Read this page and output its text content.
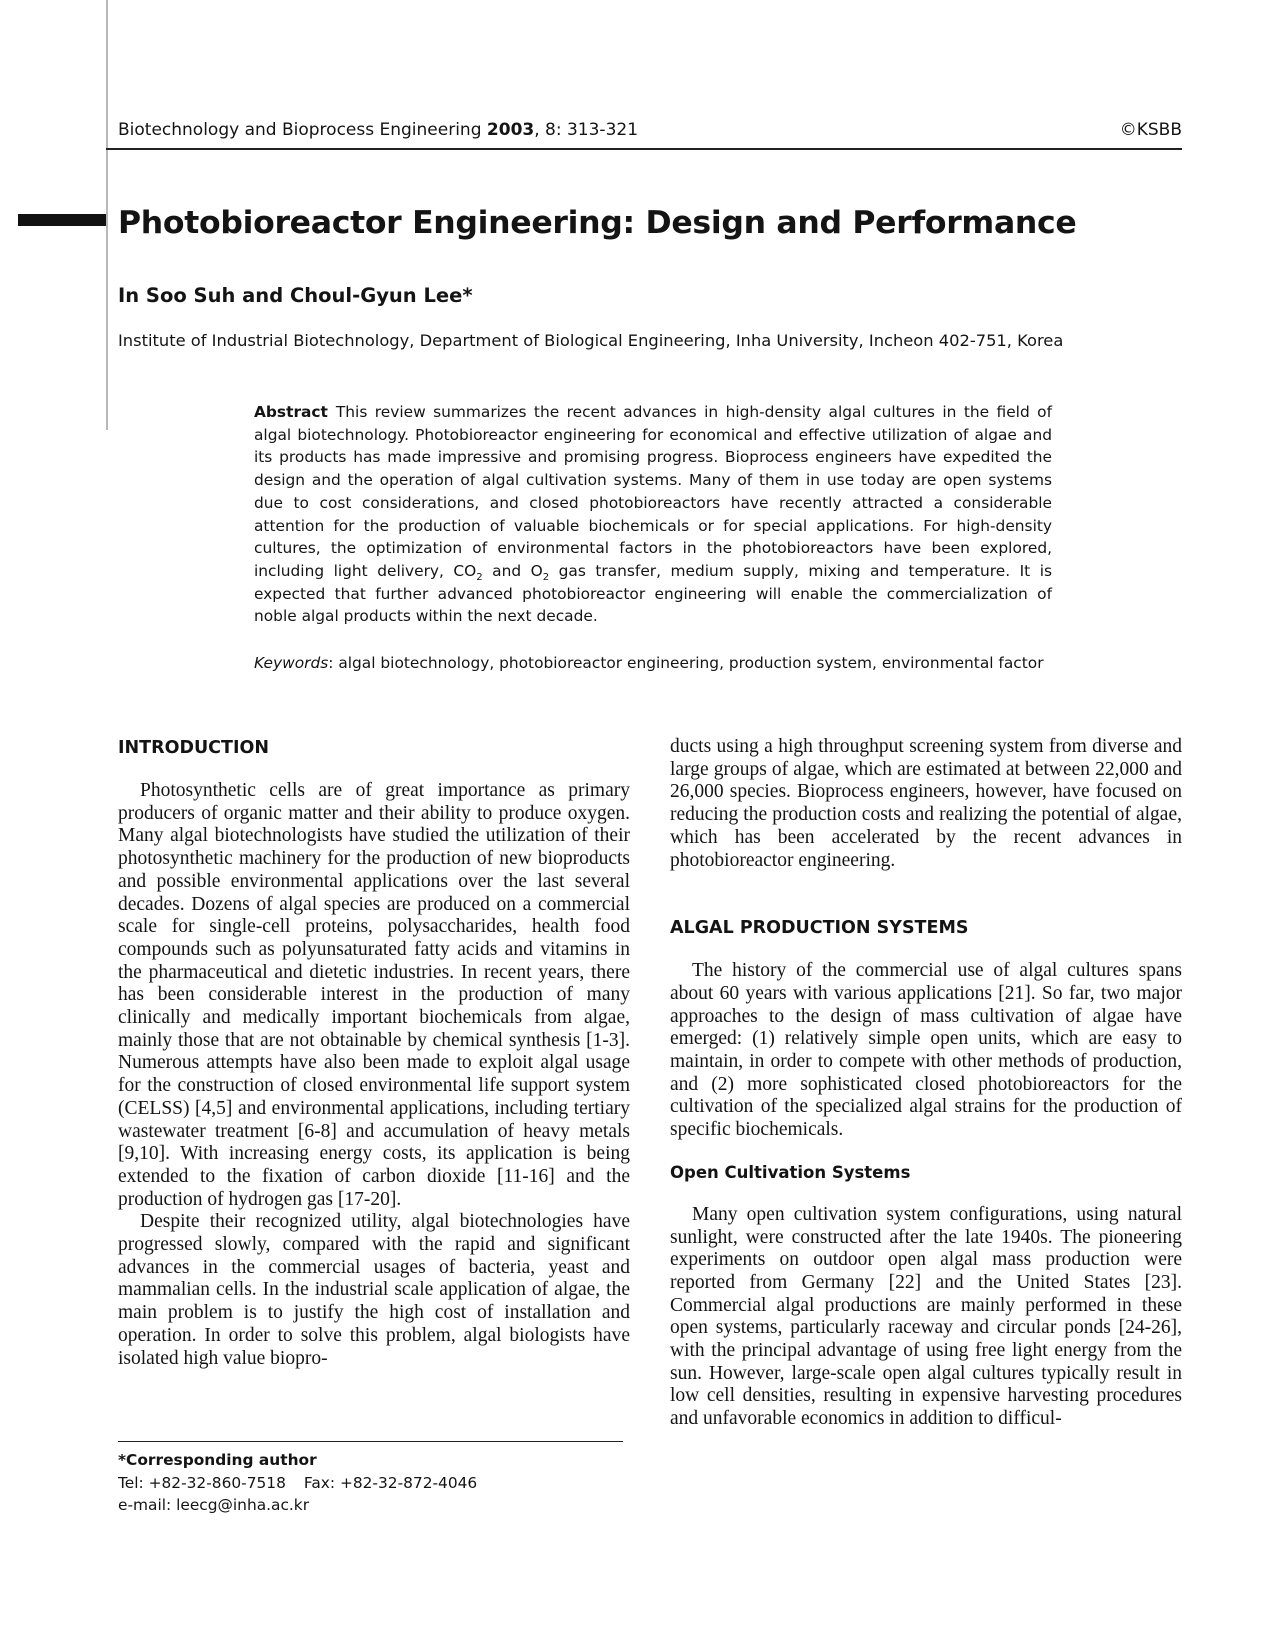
Biotechnology and Bioprocess Engineering 2003, 8: 313-321	©KSBB
Photobioreactor Engineering: Design and Performance

In Soo Suh and Choul-Gyun Lee*

Institute of Industrial Biotechnology, Department of Biological Engineering, Inha University, Incheon 402-751, Korea

Abstract This review summarizes the recent advances in high-density algal cultures in the field of algal biotechnology. Photobioreactor engineering for economical and effective utilization of algae and its products has made impressive and promising progress. Bioprocess engineers have expedited the design and the operation of algal cultivation systems. Many of them in use today are open systems due to cost considerations, and closed photobioreactors have recently attracted a considerable attention for the production of valuable biochemicals or for special applications. For high-density cultures, the optimization of environmental factors in the photobioreactors have been explored, including light delivery, $CO_2$ and $O_2$ gas transfer, medium supply, mixing and temperature. It is expected that further advanced photobioreactor engineering will enable the commercialization of noble algal products within the next decade.
Keywords: algal biotechnology, photobioreactor engineering, production system, environmental factor
INTRODUCTION

Photosynthetic cells are of great importance as primary producers of organic matter and their ability to produce oxygen. Many algal biotechnologists have studied the utilization of their photosynthetic machinery for the production of new bioproducts and possible environmental applications over the last several decades. Dozens of algal species are produced on a commercial scale for single-cell proteins, polysaccharides, health food compounds such as polyunsaturated fatty acids and vitamins in the pharmaceutical and dietetic industries. In recent years, there has been considerable interest in the production of many clinically and medically important biochemicals from algae, mainly those that are not obtainable by chemical synthesis [1-3]. Numerous attempts have also been made to exploit algal usage for the construction of closed environmental life support system (CELSS) [4,5] and environmental applications, including tertiary wastewater treatment [6-8] and accumulation of heavy metals [9,10]. With increasing energy costs, its application is being extended to the fixation of carbon dioxide [11-16] and the production of hydrogen gas [17-20].

Despite their recognized utility, algal biotechnologies have progressed slowly, compared with the rapid and significant advances in the commercial usages of bacteria, yeast and mammalian cells. In the industrial scale application of algae, the main problem is to justify the high cost of installation and operation. In order to solve this problem, algal biologists have isolated high value biopro-

ducts using a high throughput screening system from diverse and large groups of algae, which are estimated at between 22,000 and 26,000 species. Bioprocess engineers, however, have focused on reducing the production costs and realizing the potential of algae, which has been accelerated by the recent advances in photobioreactor engineering.

ALGAL PRODUCTION SYSTEMS

The history of the commercial use of algal cultures spans about 60 years with various applications [21]. So far, two major approaches to the design of mass cultivation of algae have emerged: (1) relatively simple open units, which are easy to maintain, in order to compete with other methods of production, and (2) more sophisticated closed photobioreactors for the cultivation of the specialized algal strains for the production of specific biochemicals.

Open Cultivation Systems

Many open cultivation system configurations, using natural sunlight, were constructed after the late 1940s. The pioneering experiments on outdoor open algal mass production were reported from Germany [22] and the United States [23]. Commercial algal productions are mainly performed in these open systems, particularly raceway and circular ponds [24-26], with the principal advantage of using free light energy from the sun. However, large-scale open algal cultures typically result in low cell densities, resulting in expensive harvesting procedures and unfavorable economics in addition to difficul-

*Corresponding author
Tel: +82-32-860-7518 Fax: +82-32-872-4046
e-mail: leecg@inha.ac.kr
